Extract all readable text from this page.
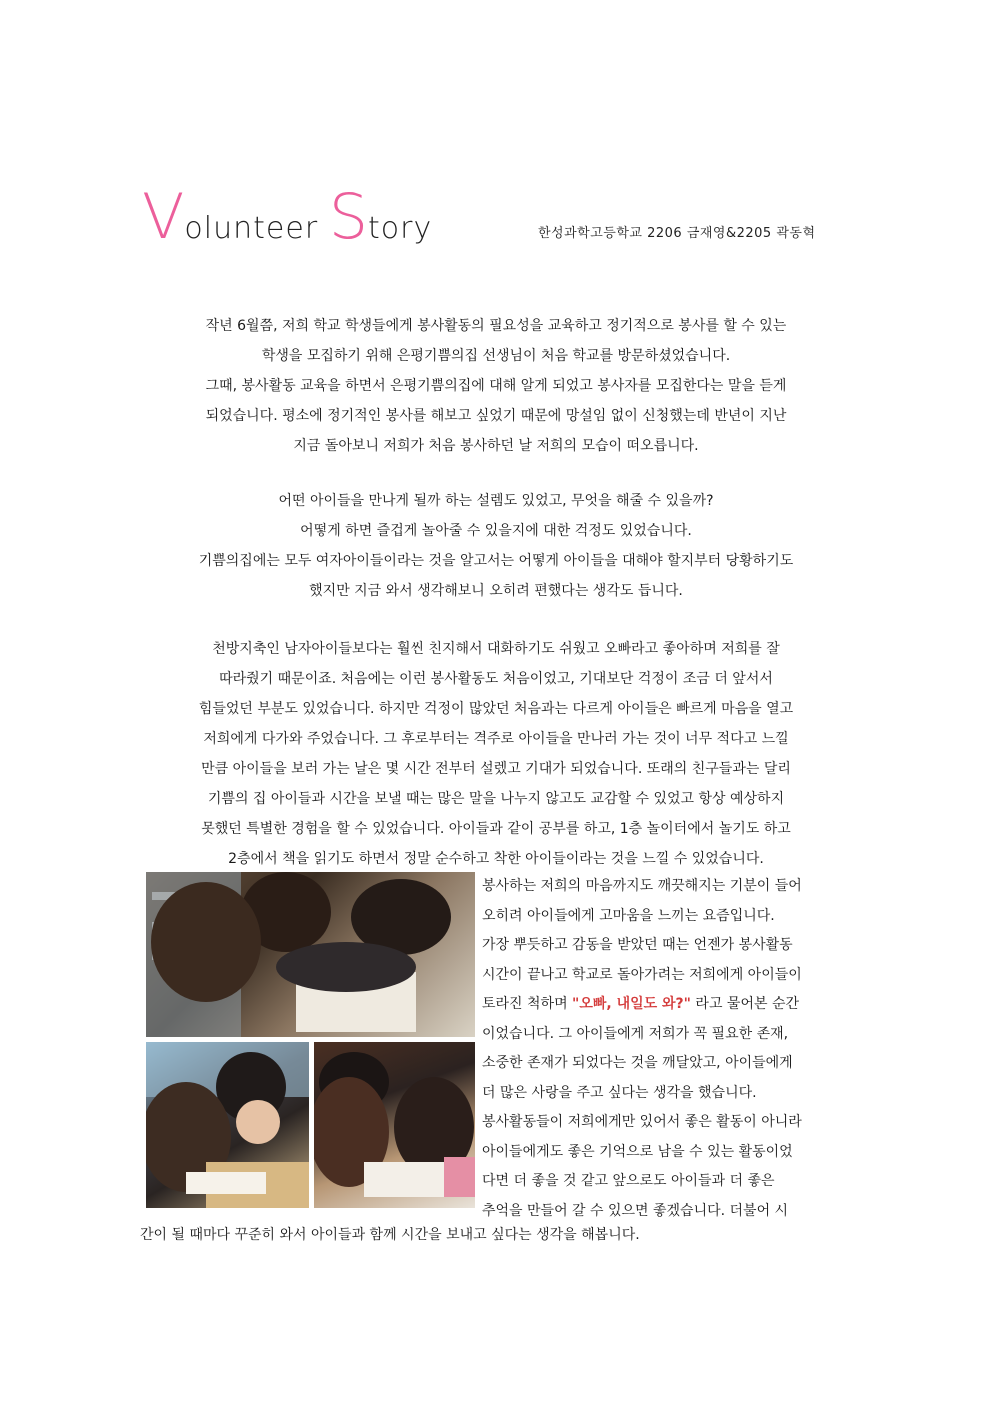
Volunteer Story	한성과학고등학교 2206 금재영&2205 곽동혁

작년 6월쯤, 저희 학교 학생들에게 봉사활동의 필요성을 교육하고 정기적으로 봉사를 할 수 있는

학생을 모집하기 위해 은평기쁨의집 선생님이 처음 학교를 방문하셨었습니다.

그때, 봉사활동 교육을 하면서 은평기쁨의집에 대해 알게 되었고 봉사자를 모집한다는 말을 듣게

되었습니다. 평소에 정기적인 봉사를 해보고 싶었기 때문에 망설임 없이 신청했는데 반년이 지난

지금 돌아보니 저희가 처음 봉사하던 날 저희의 모습이 떠오릅니다.

어떤 아이들을 만나게 될까 하는 설렘도 있었고, 무엇을 해줄 수 있을까?

어떻게 하면 즐겁게 놀아줄 수 있을지에 대한 걱정도 있었습니다.

기쁨의집에는 모두 여자아이들이라는 것을 알고서는 어떻게 아이들을 대해야 할지부터 당황하기도

했지만 지금 와서 생각해보니 오히려 편했다는 생각도 듭니다.

천방지축인 남자아이들보다는 훨씬 친지해서 대화하기도 쉬웠고 오빠라고 좋아하며 저희를 잘

따라줬기 때문이죠. 처음에는 이런 봉사활동도 처음이었고, 기대보단 걱정이 조금 더 앞서서

힘들었던 부분도 있었습니다. 하지만 걱정이 많았던 처음과는 다르게 아이들은 빠르게 마음을 열고

저희에게 다가와 주었습니다. 그 후로부터는 격주로 아이들을 만나러 가는 것이 너무 적다고 느낄

만큼 아이들을 보러 가는 날은 몇 시간 전부터 설렜고 기대가 되었습니다. 또래의 친구들과는 달리

기쁨의 집 아이들과 시간을 보낼 때는 많은 말을 나누지 않고도 교감할 수 있었고 항상 예상하지

못했던 특별한 경험을 할 수 있었습니다. 아이들과 같이 공부를 하고, 1층 놀이터에서 놀기도 하고

2층에서 책을 읽기도 하면서 정말 순수하고 착한 아이들이라는 것을 느낄 수 있었습니다.

봉사하는 저희의 마음까지도 깨끗해지는 기분이 들어

오히려 아이들에게 고마움을 느끼는 요즘입니다.

가장 뿌듯하고 감동을 받았던 때는 언젠가 봉사활동

시간이 끝나고 학교로 돌아가려는 저희에게 아이들이

토라진 척하며 "오빠, 내일도 와?" 라고 물어본 순간

이었습니다. 그 아이들에게 저희가 꼭 필요한 존재,

소중한 존재가 되었다는 것을 깨달았고, 아이들에게

더 많은 사랑을 주고 싶다는 생각을 했습니다.

봉사활동들이 저희에게만 있어서 좋은 활동이 아니라

아이들에게도 좋은 기억으로 남을 수 있는 활동이었

다면 더 좋을 것 같고 앞으로도 아이들과 더 좋은

추억을 만들어 갈 수 있으면 좋겠습니다. 더불어 시

간이 될 때마다 꾸준히 와서 아이들과 함께 시간을 보내고 싶다는 생각을 해봅니다.
